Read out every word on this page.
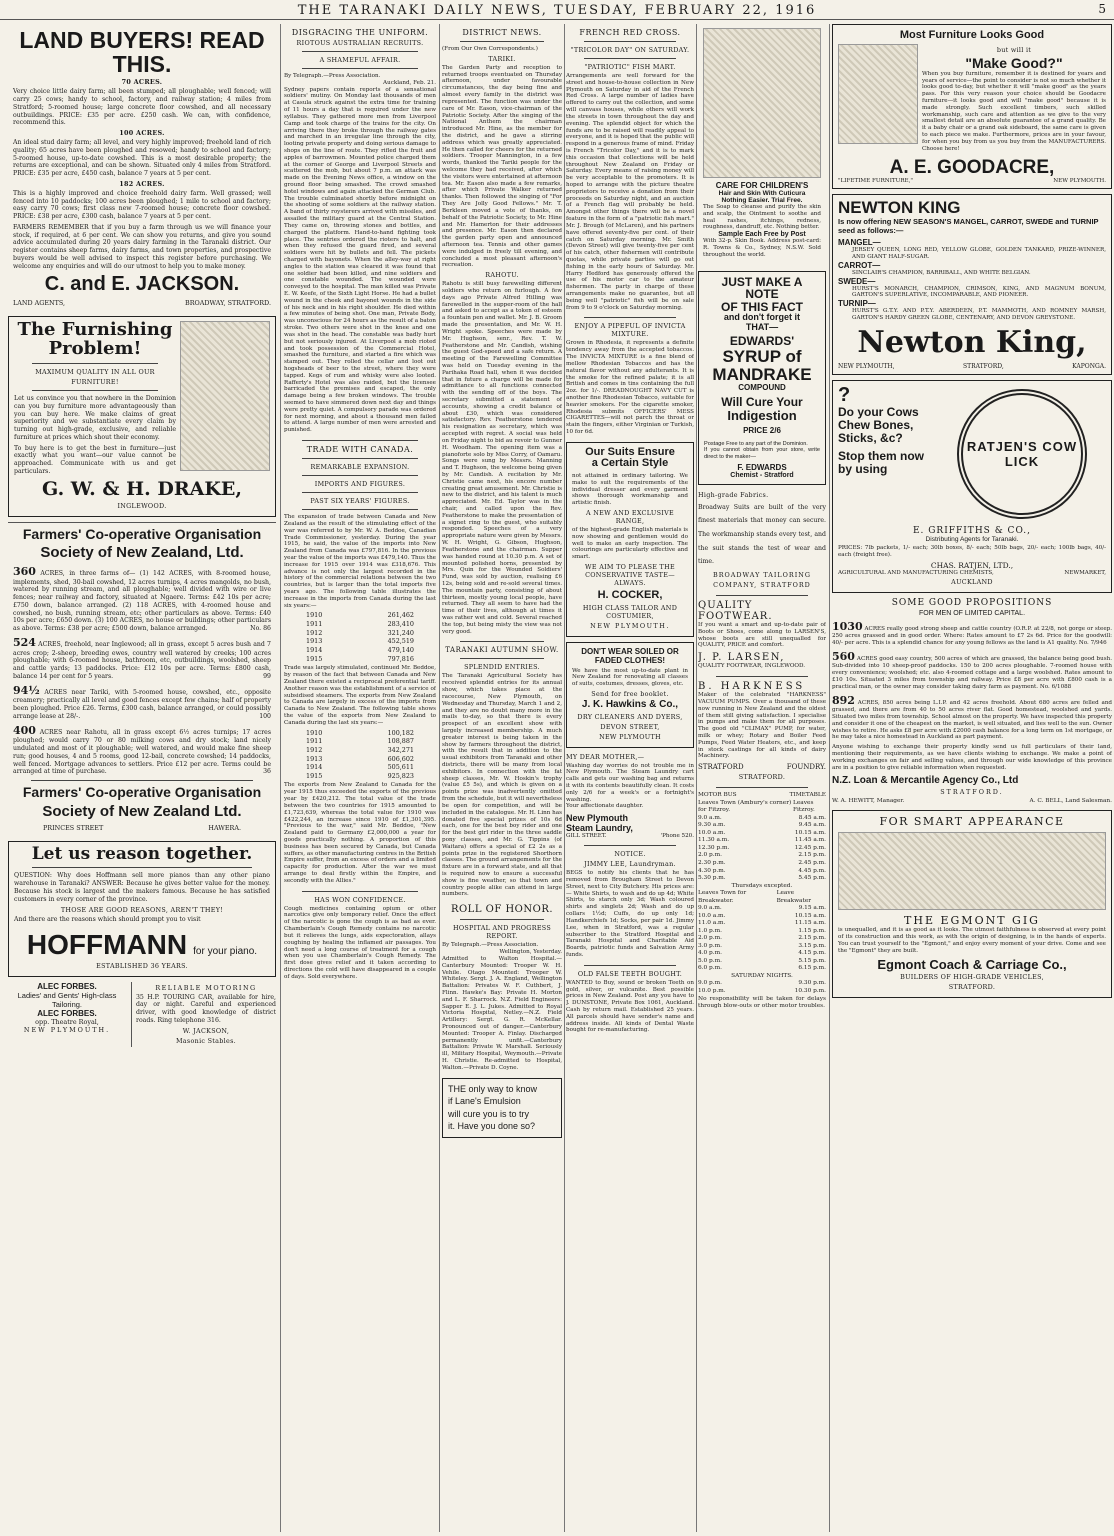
THE TARANAKI DAILY NEWS, TUESDAY, FEBRUARY 22, 1916	5
LAND BUYERS! READ THIS.
70 ACRES.
Very choice little dairy farm; all been stumped; all ploughable; well fenced; will carry 25 cows; handy to school, factory, and railway station; 4 miles from Stratford; 5-roomed house; large concrete floor cowshed, and all necessary outbuildings. PRICE: £35 per acre. £250 cash. We can, with confidence, recommend this.
100 ACRES.
An ideal stud dairy farm; all level, and very highly improved; freehold land of rich quality; 65 acres have been ploughed and resowed; handy to school and factory; 5-roomed house, up-to-date cowshed. This is a most desirable property; the returns are exceptional, and can be shown. Situated only 4 miles from Stratford. PRICE: £35 per acre, £450 cash, balance 7 years at 5 per cent.
182 ACRES.
This is a highly improved and choice freehold dairy farm. Well grassed; well fenced into 10 paddocks; 100 acres been ploughed; 1 mile to school and factory; easy carry 70 cows; first class new 7-roomed house; concrete floor cowshed. PRICE: £38 per acre, £300 cash, balance 7 years at 5 per cent.
FARMERS REMEMBER that if you buy a farm through us we will finance your stock, if required, at 6 per cent. We can show you returns, and give you sound advice accumulated during 20 years dairy farming in the Taranaki district. Our register contains sheep farms, dairy farms, and town properties, and prospective buyers would be well advised to inspect this register before purchasing. We welcome any enquiries and will do our utmost to help you to make money.
C. and E. JACKSON.
LAND AGENTS,	BROADWAY, STRATFORD.
The Furnishing
Problem!
MAXIMUM QUALITY IN ALL OUR
FURNITURE!
Let us convince you that nowhere in the Dominion can you buy furniture more advantageously than you can buy here. We make claims of great superiority and we substantiate every claim by turning out high-grade, exclusive, and reliable furniture at prices which shout their economy.
To buy here is to get the best in furniture—just exactly what you want—our value cannot be approached. Communicate with us and get particulars.
G. W. & H. DRAKE,
INGLEWOOD.
Farmers' Co-operative Organisation
Society of New Zealand, Ltd.
360 ACRES, in three farms of— (1) 142 ACRES, with 8-roomed house, implements, shed, 30-bail cowshed, 12 acres turnips, 4 acres mangolds, no bush, watered by running stream, and all ploughable; well divided with wire or live fences; near railway and factory, situated at Ngaere. Terms: £42 10s per acre; £750 down, balance arranged. (2) 118 ACRES, with 4-roomed house and cowshed, no bush, running stream, etc; other particulars as above. Terms: £40 10s per acre; £650 down. (3) 100 ACRES, no house or buildings; other particulars as above. Terms: £38 per acre; £500 down, balance arranged.	No. 86
524 ACRES, freehold, near Inglewood; all in grass, except 5 acres bush and 7 acres crop; 2-sheep, breeding ewes, country well watered by creeks; 100 acres ploughable; with 6-roomed house, bathroom, etc, outbuildings, woolshed, sheep and cattle yards; 13 paddocks. Price: £12 10s per acre. Terms: £800 cash, balance 14 per cent for 5 years.	99
94½ ACRES near Tariki, with 5-roomed house, cowshed, etc., opposite creamery; practically all level and good fences except few chains; half of property been ploughed. Price £26. Terms, £300 cash, balance arranged, or could possibly arrange lease at 28/-.	100
400 ACRES near Rahotu, all in grass except 6½ acres turnips; 17 acres ploughed; would carry 70 or 80 milking cows and dry stock; land nicely undulated and most of it ploughable; well watered, and would make fine sheep run; good houses, 4 and 5 rooms, good 12-bail, concrete cowshed; 14 paddocks, well fenced. Mortgage advances to settlers. Price £12 per acre. Terms could be arranged at time of purchase.	36
Farmers' Co-operative Organisation
Society of New Zealand Ltd.
PRINCES STREET	HAWERA.
Let us reason together.
QUESTION: Why does Hoffmann sell more pianos than any other piano warehouse in Taranaki? ANSWER: Because he gives better value for the money. Because his stock is largest and the makers famous. Because he has satisfied customers in every corner of the province.
THOSE ARE GOOD REASONS, AREN'T THEY!
And there are the reasons which should prompt you to visit
HOFFMANN for your piano.
ESTABLISHED 36 YEARS.
ALEC FORBES.
Ladies' and Gents' High-class
Tailoring.
ALEC FORBES.
opp. Theatre Royal,
NEW PLYMOUTH.
RELIABLE MOTORING
35 H.P. TOURING CAR, available for hire, day or night. Careful and experienced driver, with good knowledge of district roads. Ring telephone 316.
W. JACKSON,
Masonic Stables.
DISGRACING THE UNIFORM.
RIOTOUS AUSTRALIAN RECRUITS.
A SHAMEFUL AFFAIR.
By Telegraph.—Press Association.
Auckland, Feb. 21.
Sydney papers contain reports of a sensational soldiers' mutiny. On Monday last thousands of men at Casula struck against the extra time for training of 11 hours a day that is required under the new syllabus. They gathered more men from Liverpool Camp and took charge of the trains for the city. On arriving there they broke through the railway gates and marched in an irregular line through the city, looting private property and doing serious damage to shops on the line of route. They rifled the fruit and apples of barrowmen. Mounted police charged them at the corner of George and Liverpool Streets and scattered the mob, but about 7 p.m. an attack was made on the Evening News office, a window on the ground floor being smashed. The crowd smashed hotel windows and again attacked the German Club. The trouble culminated shortly before midnight on the shooting of some soldiers at the railway station. A band of thirty roysterers arrived with missiles, and assailed the military guard at the Central Station. They came on, throwing stones and bottles, and charged the platform. Hand-to-hand fighting took place. The sentries ordered the rioters to halt, and when they refused the guard fired, and several soldiers were hit by bullets and fell. The pickets charged with bayonets. When the alley-way at right angles to the station was cleared it was found that one soldier had been killed, and nine soldiers and one constable wounded. The wounded were conveyed to the hospital. The man killed was Private E. W. Keefe, of the Sixth Light Horse. He had a bullet wound in the cheek and bayonet wounds in the side of his neck and in his right shoulder. He died within a few minutes of being shot. One man, Private Body, was unconscious for 24 hours as the result of a baton stroke. Two others were shot in the knee and one was shot in the head. The constable was badly hurt but not seriously injured. At Liverpool a mob rioted and took possession of the Commercial Hotel, smashed the furniture, and started a fire which was stamped out. They rolled the cellar and loot out hogsheads of beer to the street, where they were tapped. Kegs of rum and whisky were also looted. Rafferty's Hotel was also raided, but the licensee barricaded the premises and escaped, the only damage being a few broken windows. The trouble seemed to have simmered down next day and things were pretty quiet. A compulsory parade was ordered for next morning, and about a thousand men failed to attend. A large number of men were arrested and punished.
TRADE WITH CANADA.
REMARKABLE EXPANSION.
IMPORTS AND FIGURES.
PAST SIX YEARS' FIGURES.
The expansion of trade between Canada and New Zealand as the result of the stimulating effect of the war was referred to by Mr. W. A. Beddoe, Canadian Trade Commissioner, yesterday. During the year 1915, he said, the value of the imports into New Zealand from Canada was £797,816. In the previous year the value of the imports was £479,140. Thus the increase for 1915 over 1914 was £318,676. This advance is not only the largest recorded in the history of the commercial relations between the two countries, but is larger than the total imports five years ago. The following table illustrates the increase in the imports from Canada during the last six years:—
1910	261,462
1911	283,410
1912	321,240
1913	452,519
1914	479,140
1915	797,816
Trade was largely stimulated, continued Mr. Beddoe, by reason of the fact that between Canada and New Zealand there existed a reciprocal preferential tariff. Another reason was the establishment of a service of subsidised steamers. The exports from New Zealand to Canada are largely in excess of the imports from Canada to New Zealand. The following table shows the value of the exports from New Zealand to Canada during the last six years:—
1910	100,182
1911	108,887
1912	342,271
1913	606,602
1914	505,611
1915	925,823
The exports from New Zealand to Canada for the year 1915 thus exceeded the exports of the previous year by £420,212. The total value of the trade between the two countries for 1915 amounted to £1,723,639, whereas the total value for 1910 was £422,244, an increase since 1910 of £1,301,395. "Previous to the war," said Mr. Beddoe, "New Zealand paid to Germany £2,000,000 a year for goods practically nothing. A proportion of this business has been secured by Canada, but Canada suffers, as other manufacturing centres in the British Empire suffer, from an excess of orders and a limited capacity for production. After the war we must arrange to deal firstly within the Empire, and secondly with the Allies."
HAS WON CONFIDENCE.
Cough medicines containing opium or other narcotics give only temporary relief. Once the effect of the narcotic is gone the cough is as bad as ever. Chamberlain's Cough Remedy contains no narcotic but it relieves the lungs, aids expectoration, allays coughing by healing the inflamed air passages. You don't need a long course of treatment for a cough when you use Chamberlain's Cough Remedy. The first dose gives relief and it taken according to directions the cold will have disappeared in a couple of days. Sold everywhere.
DISTRICT NEWS.
(From Our Own Correspondents.)
TARIKI.
The Garden Party and reception to returned troops eventuated on Thursday afternoon, under favourable circumstances, the day being fine and almost every family in the district was represented. The function was under the care of Mr. Eason, vice-chairman of the Patriotic Society. After the singing of the National Anthem the chairman introduced Mr. Hine, as the member for the district, and he gave a stirring address which was greatly appreciated. He then called for cheers for the returned soldiers. Trooper Mannington, in a few words, thanked the Tariki people for the welcome they had received, after which the visitors were entertained at afternoon tea. Mr. Eason also made a few remarks, after which Private Walker returned thanks. Then followed the singing of "For They Are Jolly Good Fellows." Mr. T. Berkleen moved a vote of thanks, on behalf of the Patriotic Society, to Mr. Hine and Mr. Hamerton for their addresses and presence. Mr. Eason then declared the garden party open and announced afternoon tea. Tennis and other games were indulged in freely till evening, and concluded a most pleasant afternoon's recreation.
RAHOTU.
Rahotu is still busy farewelling different soldiers who return on furlough. A few days ago Private Alfred Hilling was farewelled in the supper-room of the hall and asked to accept as a token of esteem a fountain pen and wallet. Mr. J. B. Groom made the presentation, and Mr. W. H. Wright spoke. Speeches were made by Mr. Hughson, senr., Rev. T. W. Featherstone and Mr. Candish, wishing the guest God-speed and a safe return. A meeting of the Farewelling Committee was held on Tuesday evening in the Parihaka Road hall, when it was decided that in future a charge will be made for admittance to all functions connected with the sending off of the boys. The secretary submitted a statement of accounts, showing a credit balance of about £30, which was considered satisfactory. Rev. Featherstone tendered his resignation as secretary, which was accepted with regret. A social was held on Friday night to bid au revoir to Gunner H. Woodham. The opening item was a pianoforte solo by Miss Corry, of Oamaru. Songs were sung by Messrs. Manning and T. Hughson, the welcome being given by Mr. Candish. A recitation by Mr. Christie came next, his encore number creating great amusement. Mr. Christie is new to the district, and his talent is much appreciated. Mr. Ed. Taylor was in the chair, and called upon the Rev. Featherstone to make the presentation of a signet ring to the guest, who suitably responded. Speeches of a very appropriate nature were given by Messrs. W. H. Wright, G. Gibson, Hughson, Featherstone and the chairman. Supper was handed round at 10.30 p.m. A set of mounted polished horns, presented by Mrs. Quin for the Wounded Soldiers' Fund, was sold by auction, realising £6 12s, being sold and re-sold several times. The mountain party, consisting of about thirteen, mostly young local people, have returned. They all seem to have had the time of their lives, although at times it was rather wet and cold. Several reached the top, but being misty the view was not very good.
TARANAKI AUTUMN SHOW.
SPLENDID ENTRIES.
The Taranaki Agricultural Society has received splendid entries for its annual show, which takes place at the racecourse, New Plymouth, on Wednesday and Thursday, March 1 and 2, and they are no doubt many more in the mails to-day, so that there is every prospect of an excellent show with largely increased membership. A much greater interest is being taken in the show by farmers throughout the district, with the result that in addition to the usual exhibitors from Taranaki and other districts, there will be many from local exhibitors. In connection with the fat sheep classes, Mr. W. Hoskin's trophy (value £5 5s), and which is given on a points prize was inadvertently omitted from the schedule, but it will nevertheless be open for competition, and will be included in the catalogue. Mr. H. Linn has donated five special prizes of 10s 6d each, one for the best boy rider and one for the best girl rider in the three saddle pony classes, and Mr. G. Tippins (of Waitara) offers a special of £2 2s as a points prize in the registered Shorthorn classes. The ground arrangements for the fixture are in a forward state, and all that is required now to ensure a successful show is fine weather, so that town and country people alike can attend in large numbers.
ROLL OF HONOR.
HOSPITAL AND PROGRESS REPORT.
By Telegraph.—Press Association.
Wellington, Yesterday.
Admitted to Walton Hospital.—Canterbury Mounted: Trooper W. H. Vehile. Otago Mounted: Trooper W. Whiteley. Sergt. J. A. England, Wellington Battalion: Privates W. F. Cuthbert, J. Flinn. Hawke's Bay: Private H. Morton and L. F. Sharrock. N.Z. Field Engineers: Sapper E. J. L. Jukes. Admitted to Royal Victoria Hospital, Netley.—N.Z. Field Artillery: Sergt. G. R. McKellar. Pronounced out of danger.—Canterbury Mounted: Trooper A. Finlay. Discharged permanently unfit.—Canterbury Battalion: Private W. Marshall. Seriously ill, Military Hospital, Weymouth.—Private H. Christie. Re-admitted to Hospital, Walton.—Private D. Coyne.
THE only way to know
if Lane's Emulsion
will cure you is to try
it. Have you done so?
FRENCH RED CROSS.
"TRICOLOR DAY" ON SATURDAY.
"PATRIOTIC" FISH MART.
Arrangements are well forward for the street and house-to-house collection in New Plymouth on Saturday in aid of the French Red Cross. A large number of ladies have offered to carry out the collection, and some will canvass houses, while others will work the streets in town throughout the day and evening. The splendid object for which the funds are to be raised will readily appeal to everyone, and it is hoped that the public will respond in a generous frame of mind. Friday is French "Tricolor Day," and it is to mark this occasion that collections will be held throughout New Zealand on Friday or Saturday. Every means of raising money will be very acceptable to the promoters. It is hoped to arrange with the picture theatre proprietors to receive a donation from their proceeds on Saturday night, and an auction of a French flag will probably be held. Amongst other things there will be a novel feature in the form of a "patriotic fish mart." Mr. J. Brough (of McLaren), and his partners have offered seventy-five per cent. of their catch on Saturday morning. Mr. Smith (Devon Street) will give twenty-five per cent of his catch, other fishermen will contribute quotas, while private parties will go out fishing in the early hours of Saturday. Mr. Harry Hedford has generously offered the use of his motor car to the amateur fishermen. The party in charge of these arrangements make no guarantee, but all being well "patriotic" fish will be on sale from 9 to 9 o'clock on Saturday morning.
ENJOY A PIPEFUL OF INVICTA MIXTURE.
Grown in Rhodesia, it represents a definite tendency away from the accepted tobaccos. The INVICTA MIXTURE is a fine blend of mellow Rhodesian Tobaccos and has the natural flavor without any adulterants. It is the smoke for the refined palate; it is all British and comes in tins containing the full 2oz. for 1/-. DREADNOUGHT NAVY CUT is another fine Rhodesian Tobacco, suitable for heavier smokers. For the cigarette smoker, Rhodesia submits OFFICERS' MESS CIGARETTES—will not parch the throat or stain the fingers, either Virginian or Turkish, 10 for 6d.
Our Suits Ensure
a Certain Style
not attained in ordinary tailoring. We make to suit the requirements of the individual dresser and every garment shows thorough workmanship and artistic finish.
A NEW AND EXCLUSIVE RANGE,
of the highest-grade English materials is now showing and gentlemen would do well to make an early inspection. The colourings are particularly effective and smart.
WE AIM TO PLEASE THE CONSERVATIVE TASTE—ALWAYS.
H. COCKER,
HIGH CLASS TAILOR AND COSTUMIER,
NEW PLYMOUTH.
DON'T WEAR SOILED OR
FADED CLOTHES!
We have the most up-to-date plant in New Zealand for renovating all classes of suits, costumes, dresses, gloves, etc.
Send for free booklet.
J. K. Hawkins & Co.,
DRY CLEANERS AND DYERS,
DEVON STREET,
NEW PLYMOUTH
MY DEAR MOTHER,—
Washing day worries do not trouble me in New Plymouth. The Steam Laundry cart calls and gets our washing bag and returns it with its contents beautifully clean. It costs only 2/6 for a week's or a fortnight's washing.
Your affectionate daughter.
New Plymouth
Steam Laundry,
GILL STREET.	'Phone 520.
NOTICE.
JIMMY LEE, Laundryman.
BEGS to notify his clients that he has removed from Brougham Street to Devon Street, next to City Butchery. His prices are:— White Shirts, to wash and do up 4d; White Shirts, to starch only 3d; Wash coloured shirts and singlets 2d; Wash and do up collars 1½d; Cuffs, do up only 1d; Handkerchiefs 1d; Socks, per pair 1d. Jimmy Lee, when in Stratford, was a regular subscriber to the Stratford Hospital and Taranaki Hospital and Charitable Aid Boards, patriotic funds and Salvation Army funds.
OLD FALSE TEETH BOUGHT.
WANTED to Buy, sound or broken Teeth on gold, silver, or vulcanite. Best possible prices in New Zealand. Post any you have to J. DUNSTONE, Private Box 1061, Auckland. Cash by return mail. Established 25 years. All parcels should have sender's name and address inside. All kinds of Dental Waste bought for re-manufacturing.
CARE FOR CHILDREN'S
Hair and Skin With Cuticura
Nothing Easier. Trial Free.
The Soap to cleanse and purify the skin and scalp, the Ointment to soothe and heal rashes, itchings, redness, roughness, dandruff, etc. Nothing better.
Sample Each Free by Post
With 32-p. Skin Book. Address post-card: R. Towns & Co., Sydney, N.S.W. Sold throughout the world.
JUST MAKE A NOTE
OF THIS FACT
and don't forget it
THAT—
EDWARDS'
SYRUP of
MANDRAKE
COMPOUND
Will Cure Your
Indigestion
PRICE 2/6
Postage Free to any part of the Dominion.
If you cannot obtain from your store, write direct to the maker—
F. EDWARDS
Chemist - Stratford
High-grade Fabrics.
Broadway Suits are built of the very finest materials that money can secure. The workmanship stands every test, and the suit stands the test of wear and time.
BROADWAY TAILORING
COMPANY, STRATFORD
QUALITY
FOOTWEAR.
If you want a smart and up-to-date pair of Boots or Shoes, come along to LARSEN'S, whose boots are still unequalled for QUALITY, PRICE and comfort.
J. P. LARSEN,
QUALITY FOOTWEAR, INGLEWOOD.
B. HARKNESS
Maker of the celebrated "HARKNESS" VACUUM PUMPS. Over a thousand of these now running in New Zealand and the oldest of them still giving satisfaction. I specialise in pumps and make them for all purposes. The good old "CLIMAX" PUMP, for water, milk or whey; Rotary and Boiler Feed Pumps, Feed Water Heaters, etc., and keep in stock castings for all kinds of dairy Machinery.
STRATFORD	FOUNDRY.
STRATFORD.
MOTOR BUS	TIMETABLE
Leaves Town (Ambury's corner) for Fitzroy.
Leaves Fitzroy.
9.0 a.m.	8.45 a.m.
9.30 a.m.	9.45 a.m.
10.0 a.m.	10.15 a.m.
11.30 a.m.	11.45 a.m.
12.30 p.m.	12.45 p.m.
2.0 p.m.	2.15 p.m.
2.30 p.m.	2.45 p.m.
4.30 p.m.	4.45 p.m.
5.30 p.m.	5.45 p.m.
Thursdays excepted.
Leaves Town for Breakwater.
Leave Breakwater
9.0 a.m.	9.15 a.m.
10.0 a.m.	10.15 a.m.
11.0 a.m.	11.15 a.m.
1.0 p.m.	1.15 p.m.
2.0 p.m.	2.15 p.m.
3.0 p.m.	3.15 p.m.
4.0 p.m.	4.15 p.m.
5.0 p.m.	5.15 p.m.
6.0 p.m.	6.15 p.m.
SATURDAY NIGHTS.
9.0 p.m.	9.30 p.m.
10.0 p.m.	10.30 p.m.
No responsibility will be taken for delays through blow-outs or other motor troubles.
Most Furniture Looks Good
but will it
"Make Good?"
When you buy furniture, remember it is destined for years and years of service—the point to consider is not so much whether it looks good to-day, but whether it will "make good" as the years pass. For this very reason your choice should be Goodacre furniture—it looks good and will "make good" because it is made strongly. Such excellent timbers, such skilled workmanship, such care and attention as we give to the very smallest detail are an absolute guarantee of a grand quality. Be it a baby chair or a grand oak sideboard, the same care is given to each piece we make. Furthermore, prices are in your favour, for when you buy from us you buy from the MANUFACTURERS. Choose here!
A. E. GOODACRE,
"LIFETIME FURNITURE,"	NEW PLYMOUTH.
NEWTON KING
Is now offering NEW SEASON'S MANGEL, CARROT, SWEDE and TURNIP seed as follows:—
MANGEL—
JERSEY QUEEN, LONG RED, YELLOW GLOBE, GOLDEN TANKARD, PRIZE-WINNER, AND GIANT HALF-SUGAR.
CARROT—
SINCLAIR'S CHAMPION, BARRIBALL, AND WHITE BELGIAN.
SWEDE—
HURST'S MONARCH, CHAMPION, CRIMSON, KING, AND MAGNUM BONUM, GARTON'S SUPERLATIVE, INCOMPARABLE, AND PIONEER.
TURNIP—
HURST'S G.T.Y. AND P.T.Y. ABERDEEN, P.T. MAMMOTH, AND ROMNEY MARSH, GARTON'S HARDY GREEN GLOBE, CENTENARY, AND DEVON GREYSTONE.
Newton King,
NEW PLYMOUTH,	STRATFORD,	KAPONGA.
?
Do your Cows
Chew Bones,
Sticks, &c?
Stop them now
by using
RATJEN'S COW LICK
E. GRIFFITHS & CO.,
Distributing Agents for Taranaki.
PRICES: 7lb packets, 1/- each; 30lb boxes, 8/- each; 50lb bags, 20/- each; 100lb bags, 40/- each (freight free).
CHAS. RATJEN, LTD.,
AGRICULTURAL AND MANUFACTURING CHEMISTS,	NEWMARKET,
AUCKLAND
SOME GOOD PROPOSITIONS
FOR MEN OF LIMITED CAPITAL.
1030 ACRES really good strong sheep and cattle country (O.R.P. at 22/8, not gorge or steep. 250 acres grassed and in good order. Where: Rates amount to £7 2s 6d. Price for the goodwill: 40/- per acre. This is a splendid chance for any young fellows as the land is A1 quality. No. 7/946
560 ACRES good easy country, 500 acres of which are grassed, the balance being good bush. Sub-divided into 10 sheep-proof paddocks. 150 to 200 acres ploughable. 7-roomed house with every convenience; woolshed; etc. also 4-roomed cottage and a large woolshed. Rates amount to £10 10s. Situated 3 miles from township and railway. Price £8 per acre with £800 cash is a practical man, or the owner may consider taking dairy farm as payment. No. 6/1088
892 ACRES, 850 acres being L.I.P. and 42 acres freehold. About 680 acres are felled and grassed, and there are from 40 to 50 acres river flat. Good homestead, woolshed and yards. Situated two miles from township. School almost on the property. We have inspected this property and consider it one of the cheapest on the market, is well situated, and lies well to the sun. Owner wishes to retire. He asks £8 per acre with £2000 cash balance for a long term on 1st mortgage, or he may take a nice homestead in Auckland as part payment.
Anyone wishing to exchange their property kindly send us full particulars of their land, mentioning their requirements, as we have clients wishing to exchange. We make a point of working exchanges on fair and selling values, and through our wide knowledge of this province are in a position to give reliable information when requested.
N.Z. Loan & Mercantile Agency Co., Ltd
STRATFORD.
W. A. HEWITT, Manager.	A. C. BELL, Land Salesman.
FOR SMART APPEARANCE
THE EGMONT GIG
is unequalled, and it is as good as it looks. The utmost faithfulness is observed at every point of its construction and this work, as with the origin of designing, is in the hands of experts. You can trust yourself to the "Egmont," and enjoy every moment of your drive. Come and see the "Egmont" they are built.
Egmont Coach & Carriage Co.,
BUILDERS OF HIGH-GRADE VEHICLES,
STRATFORD.
